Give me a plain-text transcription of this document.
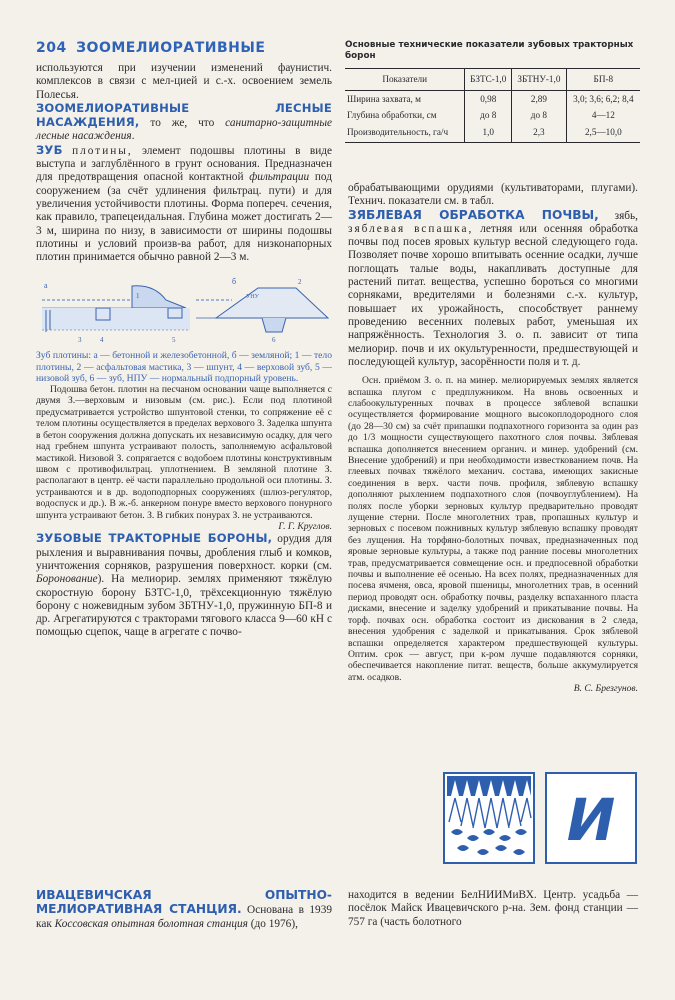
204 ЗООМЕЛИОРАТИВНЫЕ

используются при изучении изменений фаунистич. комплексов в связи с мел-цией и с.-х. освоением земель Полесья.

ЗООМЕЛИОРАТИВНЫЕ ЛЕСНЫЕ НАСАЖДЕНИЯ, то же, что санитарно-защитные лесные насаждения.

ЗУБ плотины, элемент подошвы плотины в виде выступа и заглублённого в грунт основания. Предназначен для предотвращения опасной контактной фильтрации под сооружением (за счёт удлинения фильтрац. пути) и для увеличения устойчивости плотины. Форма попереч. сечения, как правило, трапецеидальная. Глубина может достигать 2—3 м, ширина по низу, в зависимости от ширины подошвы плотины и условий произв-ва работ, для низконапорных плотин принимается обычно равной 2—3 м.

а
3	4	5
1
б
УНУ
6
2

Зуб плотины: а — бетонной и железобетонной, б — земляной; 1 — тело плотины, 2 — асфальтовая мастика, 3 — шпунт, 4 — верховой зуб, 5 — низовой зуб, 6 — зуб, НПУ — нормальный подпорный уровень.

Подошва бетон. плотин на песчаном основании чаще выполняется с двумя З.—верховым и низовым (см. рис.). Если под плотиной предусматривается устройство шпунтовой стенки, то сопряжение её с телом плотины осуществляется в пределах верхового З. Заделка шпунта в бетон сооружения должна допускать их независимую осадку, для чего над гребнем шпунта устраивают полость, заполняемую асфальтовой мастикой. Низовой З. сопрягается с водобоем плотины конструктивным швом с противофильтрац. уплотнением. В земляной плотине З. располагают в центр. её части параллельно продольной оси плотины. З. устраиваются и в др. водоподпорных сооружениях (шлюз-регулятор, водоспуск и др.). В ж.-б. анкерном понуре вместо верхового понурного шпунта устраивают бетон. З. В гибких понурах З. не устраиваются.

Г. Г. Круглов.

ЗУБОВЫЕ ТРАКТОРНЫЕ БОРОНЫ, орудия для рыхления и выравнивания почвы, дробления глыб и комков, уничтожения сорняков, разрушения поверхност. корки (см. Боронование). На мелиорир. землях применяют тяжёлую скоростную борону БЗТС-1,0, трёхсекционную тяжёлую борону с ножевидным зубом ЗБТНУ-1,0, пружинную БП-8 и др. Агрегатируются с тракторами тягового класса 9—60 кН с помощью сцепок, чаще в агрегате с почво-

Основные технические показатели зубовых тракторных борон
Показатели	БЗТС-1,0	ЗБТНУ-1,0	БП-8
Ширина захвата, м	0,98	2,89	3,0; 3,6; 6,2; 8,4
Глубина обработки, см	до 8	до 8	4—12
Производительность, га/ч	1,0	2,3	2,5—10,0

обрабатывающими орудиями (культиваторами, плугами). Технич. показатели см. в табл.

ЗЯБЛЕВАЯ ОБРАБОТКА ПОЧВЫ, зябь, зяблевая вспашка, летняя или осенняя обработка почвы под посев яровых культур весной следующего года. Позволяет почве хорошо впитывать осенние осадки, лучше поглощать талые воды, накапливать доступные для растений питат. вещества, успешно бороться со многими сорняками, вредителями и болезнями с.-х. культур, повышает их урожайность, способствует раннему проведению весенних полевых работ, уменьшая их напряжённость. Технология З. о. п. зависит от типа мелиорир. почв и их окультуренности, предшествующей и последующей культур, засорённости поля и т. д.

Осн. приёмом З. о. п. на минер. мелиорируемых землях является вспашка плугом с предплужником. На вновь освоенных и слабоокультуренных почвах в процессе зяблевой вспашки осуществляется формирование мощного высокоплодородного слоя (до 28—30 см) за счёт припашки подпахотного горизонта за один раз до 1/3 мощности существующего пахотного слоя почвы. Зяблевая вспашка дополняется внесением органич. и минер. удобрений (см. Внесение удобрений) и при необходимости известкованием почв. На глеевых почвах тяжёлого механич. состава, имеющих закисные соединения в верх. части почв. профиля, зяблевую вспашку дополняют рыхлением подпахотного слоя (почвоуглублением). На полях после уборки зерновых культур предварительно проводят лущение стерни. После многолетних трав, пропашных культур и зерновых с посевом пожнивных культур зяблевую вспашку проводят без лущения. На торфяно-болотных почвах, предназначенных под яровые зерновые культуры, а также под ранние посевы многолетних трав, предусматривается совмещение осн. и предпосевной обработки почвы и выполнение её осенью. На всех полях, предназначенных для посева ячменя, овса, яровой пшеницы, многолетних трав, в осенний период проводят осн. обработку почвы, разделку вспаханного пласта дисками, внесение и заделку удобрений и прикатывание почвы. На торф. почвах осн. обработка состоит из дискования в 2 следа, внесения удобрения с заделкой и прикатывания. Срок зяблевой вспашки определяется характером предшествующей культуры. Оптим. срок — август, при к-ром лучше подавляются сорняки, обеспечивается накопление питат. веществ, больше аккумулируется атм. осадков.

В. С. Брезгунов.

И

ИВАЦЕВИЧСКАЯ ОПЫТНО-МЕЛИОРАТИВНАЯ СТАНЦИЯ. Основана в 1939 как Коссовская опытная болотная станция (до 1976),

находится в ведении БелНИИМиВХ. Центр. усадьба — посёлок Майск Ивацевичского р-на. Зем. фонд станции — 757 га (часть болотного
